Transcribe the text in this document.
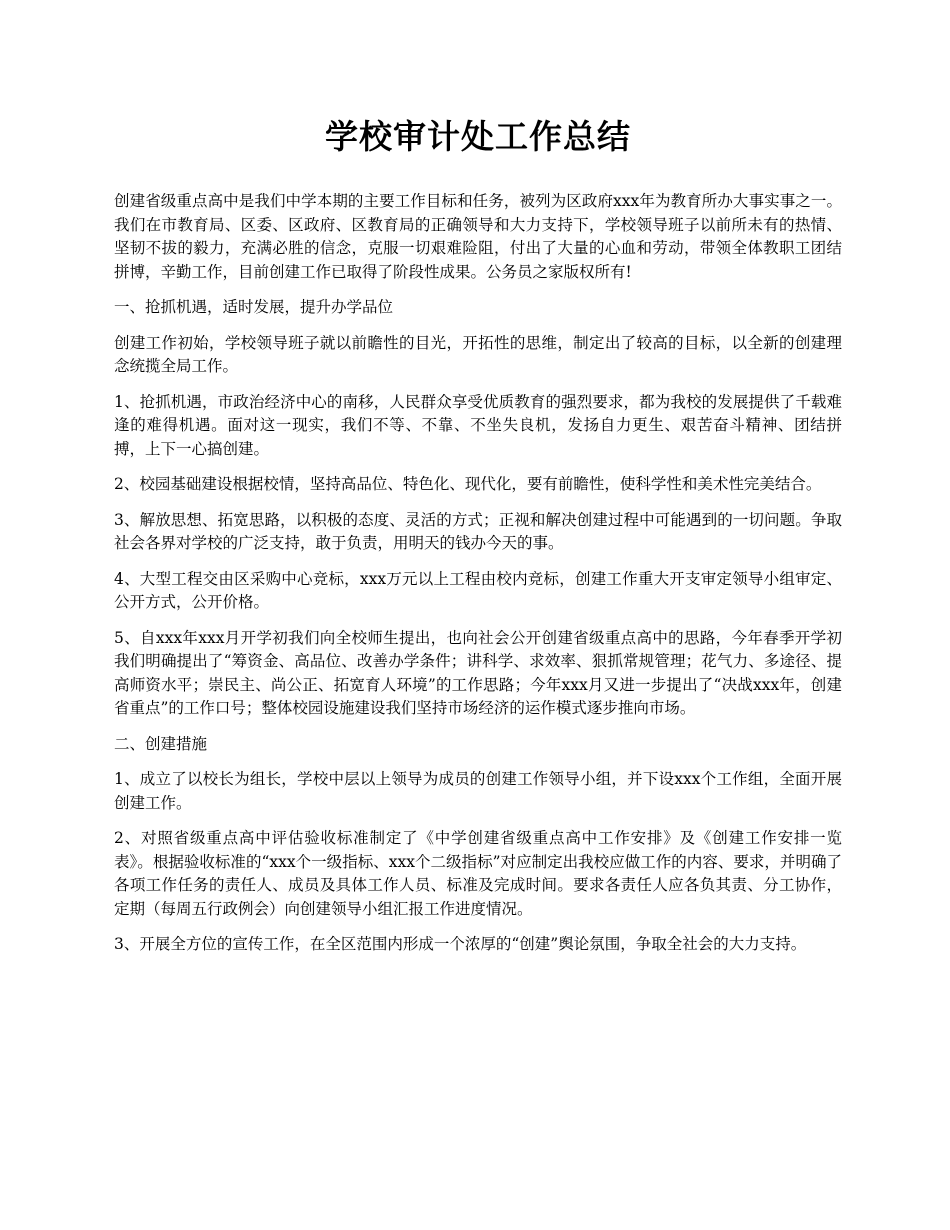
学校审计处工作总结

创建省级重点高中是我们中学本期的主要工作目标和任务，被列为区政府xxx年为教育所办大事实事之一。我们在市教育局、区委、区政府、区教育局的正确领导和大力支持下，学校领导班子以前所未有的热情、坚韧不拔的毅力，充满必胜的信念，克服一切艰难险阻，付出了大量的心血和劳动，带领全体教职工团结拼博，辛勤工作，目前创建工作已取得了阶段性成果。公务员之家版权所有!

一、抢抓机遇，适时发展，提升办学品位

创建工作初始，学校领导班子就以前瞻性的目光，开拓性的思维，制定出了较高的目标，以全新的创建理念统揽全局工作。

1、抢抓机遇，市政治经济中心的南移，人民群众享受优质教育的强烈要求，都为我校的发展提供了千载难逢的难得机遇。面对这一现实，我们不等、不靠、不坐失良机，发扬自力更生、艰苦奋斗精神、团结拼搏，上下一心搞创建。

2、校园基础建设根据校情，坚持高品位、特色化、现代化，要有前瞻性，使科学性和美术性完美结合。

3、解放思想、拓宽思路，以积极的态度、灵活的方式；正视和解决创建过程中可能遇到的一切问题。争取社会各界对学校的广泛支持，敢于负责，用明天的钱办今天的事。

4、大型工程交由区采购中心竞标，xxx万元以上工程由校内竞标，创建工作重大开支审定领导小组审定、公开方式，公开价格。

5、自xxx年xxx月开学初我们向全校师生提出，也向社会公开创建省级重点高中的思路，今年春季开学初我们明确提出了“筹资金、高品位、改善办学条件；讲科学、求效率、狠抓常规管理；花气力、多途径、提高师资水平；崇民主、尚公正、拓宽育人环境”的工作思路；今年xxx月又进一步提出了“决战xxx年，创建省重点”的工作口号；整体校园设施建设我们坚持市场经济的运作模式逐步推向市场。

二、创建措施

1、成立了以校长为组长，学校中层以上领导为成员的创建工作领导小组，并下设xxx个工作组，全面开展创建工作。

2、对照省级重点高中评估验收标准制定了《中学创建省级重点高中工作安排》及《创建工作安排一览表》。根据验收标准的“xxx个一级指标、xxx个二级指标”对应制定出我校应做工作的内容、要求，并明确了各项工作任务的责任人、成员及具体工作人员、标准及完成时间。要求各责任人应各负其责、分工协作，定期（每周五行政例会）向创建领导小组汇报工作进度情况。

3、开展全方位的宣传工作，在全区范围内形成一个浓厚的“创建”舆论氛围，争取全社会的大力支持。
